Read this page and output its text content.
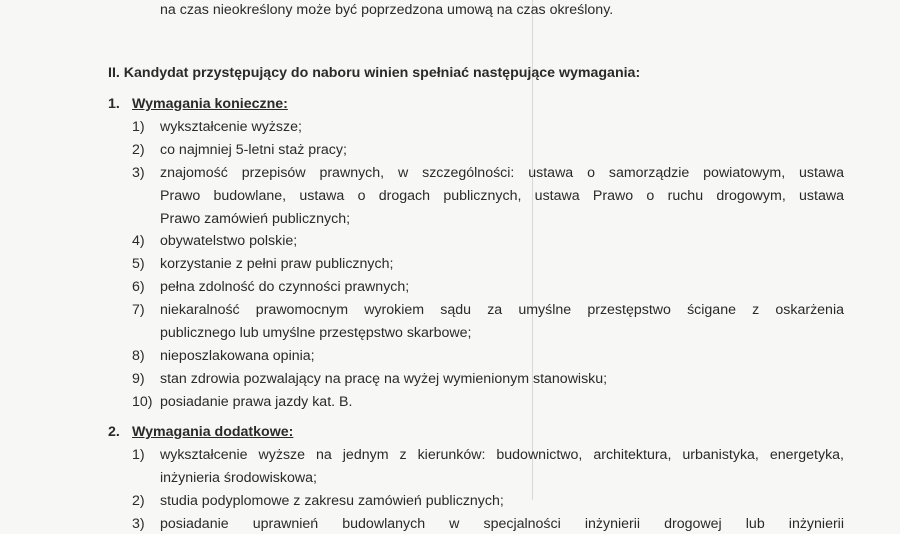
na czas nieokreślony może być poprzedzona umową na czas określony.
II. Kandydat przystępujący do naboru winien spełniać następujące wymagania:
1. Wymagania konieczne:
1) wykształcenie wyższe;
2) co najmniej 5-letni staż pracy;
3) znajomość przepisów prawnych, w szczególności: ustawa o samorządzie powiatowym, ustawa
Prawo budowlane, ustawa o drogach publicznych, ustawa Prawo o ruchu drogowym, ustawa
Prawo zamówień publicznych;
4) obywatelstwo polskie;
5) korzystanie z pełni praw publicznych;
6) pełna zdolność do czynności prawnych;
7) niekaralność prawomocnym wyrokiem sądu za umyślne przestępstwo ścigane z oskarżenia
publicznego lub umyślne przestępstwo skarbowe;
8) nieposzlakowana opinia;
9) stan zdrowia pozwalający na pracę na wyżej wymienionym stanowisku;
10) posiadanie prawa jazdy kat. B.
2. Wymagania dodatkowe:
1) wykształcenie wyższe na jednym z kierunków: budownictwo, architektura, urbanistyka, energetyka,
inżynieria środowiskowa;
2) studia podyplomowe z zakresu zamówień publicznych;
3) posiadanie uprawnień budowlanych w specjalności inżynierii drogowej lub inżynierii
